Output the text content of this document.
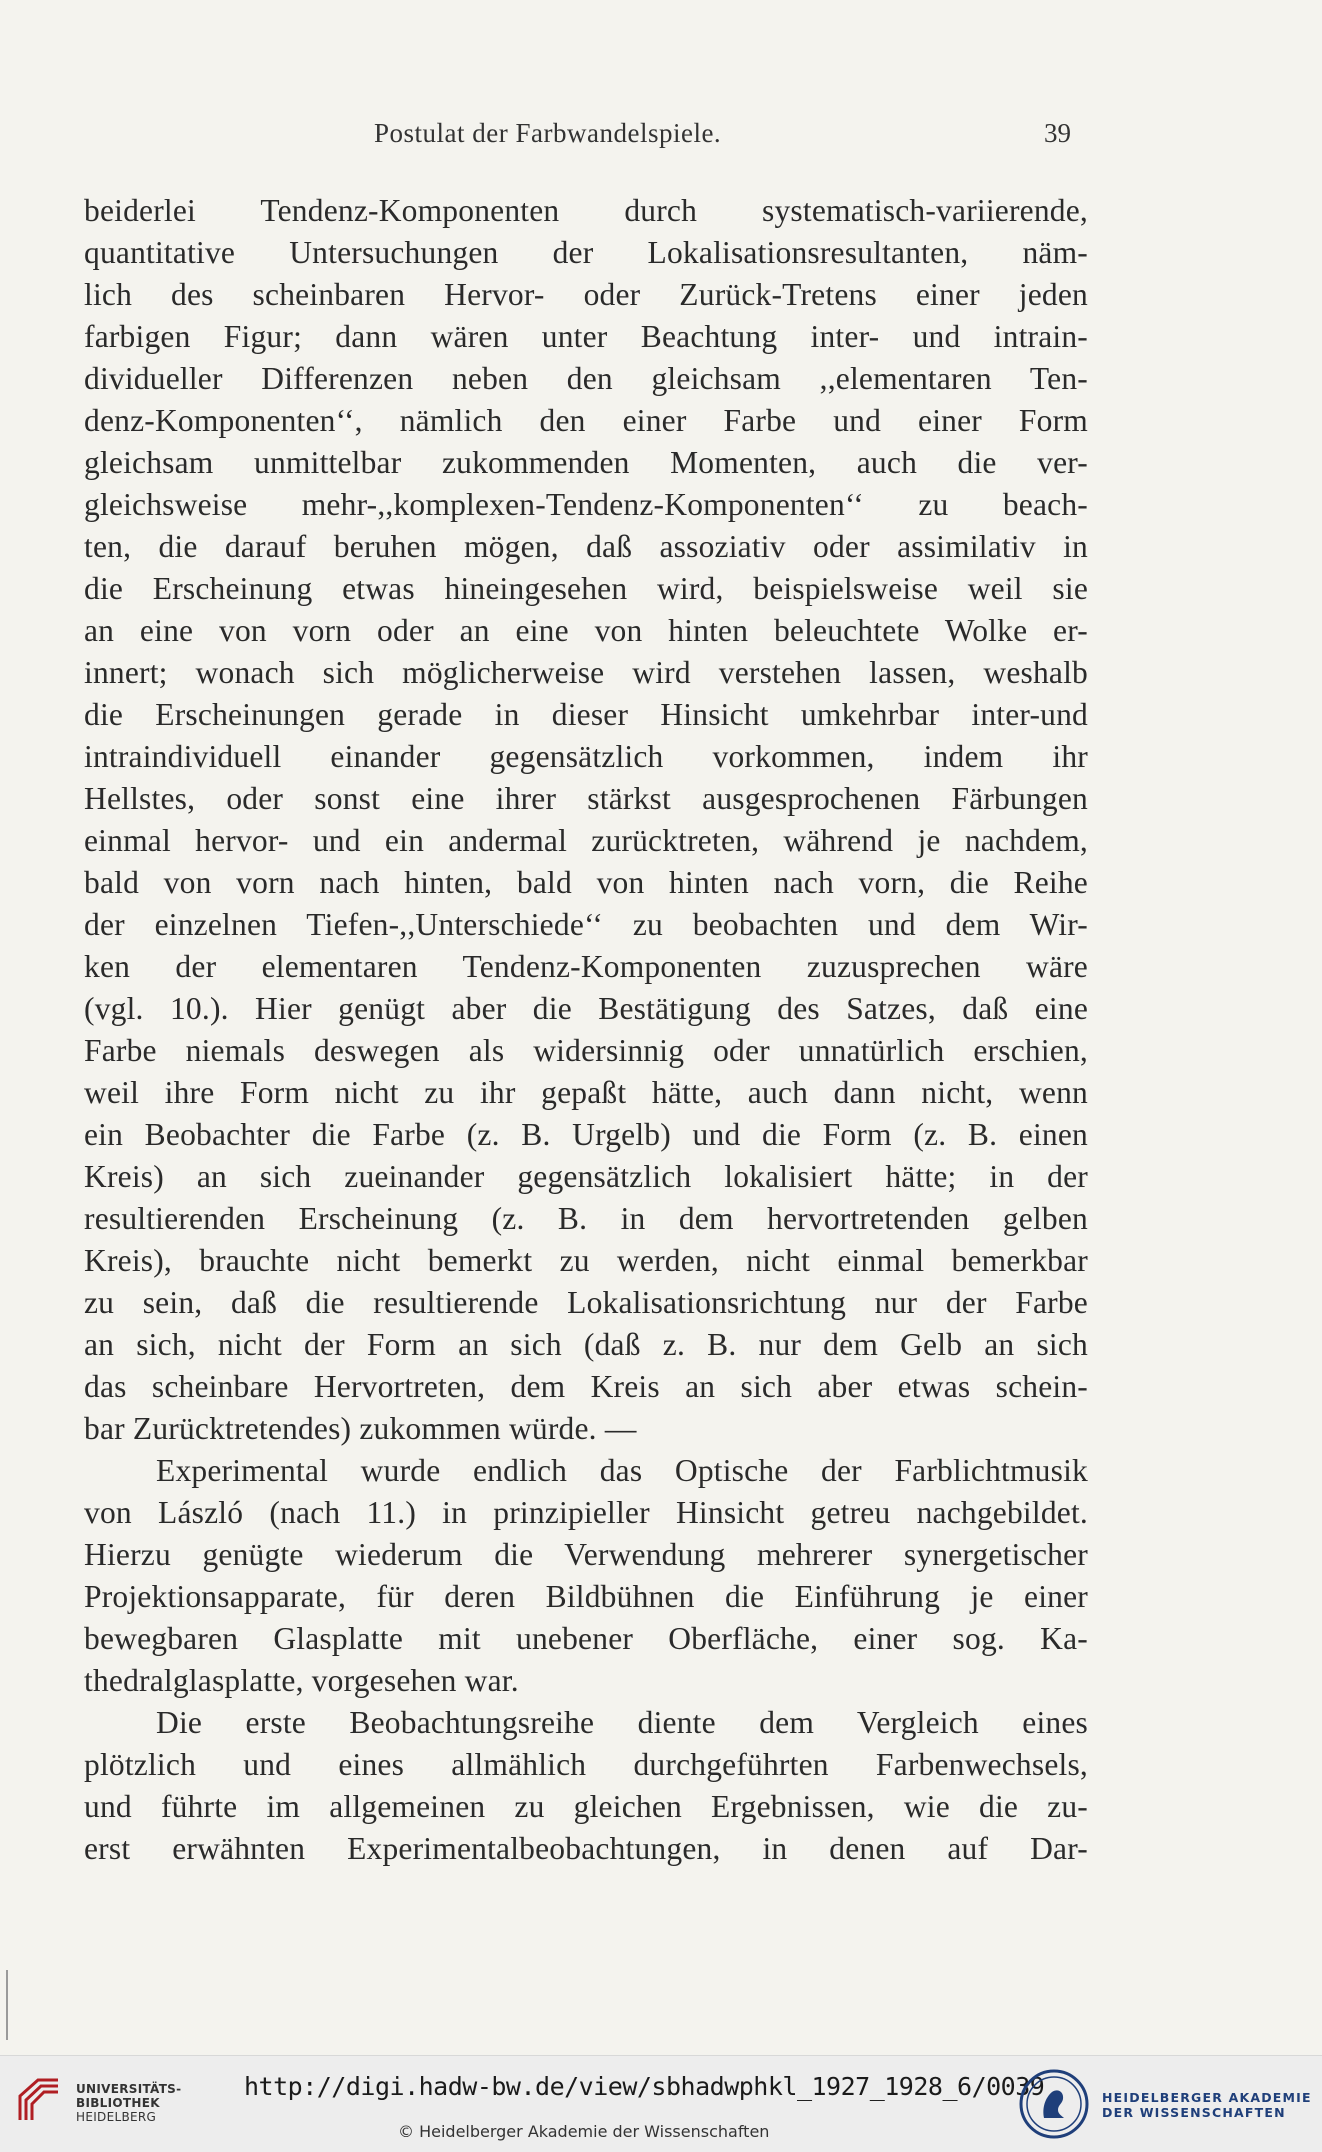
Postulat der Farbwandelspiele.	39
beiderlei Tendenz-Komponenten durch systematisch-variierende,
quantitative Untersuchungen der Lokalisationsresultanten, näm-
lich des scheinbaren Hervor- oder Zurück-Tretens einer jeden
farbigen Figur; dann wären unter Beachtung inter- und intrain-
dividueller Differenzen neben den gleichsam ,,elementaren Ten-
denz-Komponenten‘‘, nämlich den einer Farbe und einer Form
gleichsam unmittelbar zukommenden Momenten, auch die ver-
gleichsweise mehr-,,komplexen-Tendenz-Komponenten‘‘ zu beach-
ten, die darauf beruhen mögen, daß assoziativ oder assimilativ in
die Erscheinung etwas hineingesehen wird, beispielsweise weil sie
an eine von vorn oder an eine von hinten beleuchtete Wolke er-
innert; wonach sich möglicherweise wird verstehen lassen, weshalb
die Erscheinungen gerade in dieser Hinsicht umkehrbar inter-und
intraindividuell einander gegensätzlich vorkommen, indem ihr
Hellstes, oder sonst eine ihrer stärkst ausgesprochenen Färbungen
einmal hervor- und ein andermal zurücktreten, während je nachdem,
bald von vorn nach hinten, bald von hinten nach vorn, die Reihe
der einzelnen Tiefen-,,Unterschiede‘‘ zu beobachten und dem Wir-
ken der elementaren Tendenz-Komponenten zuzusprechen wäre
(vgl. 10.). Hier genügt aber die Bestätigung des Satzes, daß eine
Farbe niemals deswegen als widersinnig oder unnatürlich erschien,
weil ihre Form nicht zu ihr gepaßt hätte, auch dann nicht, wenn
ein Beobachter die Farbe (z. B. Urgelb) und die Form (z. B. einen
Kreis) an sich zueinander gegensätzlich lokalisiert hätte; in der
resultierenden Erscheinung (z. B. in dem hervortretenden gelben
Kreis), brauchte nicht bemerkt zu werden, nicht einmal bemerkbar
zu sein, daß die resultierende Lokalisationsrichtung nur der Farbe
an sich, nicht der Form an sich (daß z. B. nur dem Gelb an sich
das scheinbare Hervortreten, dem Kreis an sich aber etwas schein-
bar Zurücktretendes) zukommen würde. —
Experimental wurde endlich das Optische der Farblichtmusik
von László (nach 11.) in prinzipieller Hinsicht getreu nachgebildet.
Hierzu genügte wiederum die Verwendung mehrerer synergetischer
Projektionsapparate, für deren Bildbühnen die Einführung je einer
bewegbaren Glasplatte mit unebener Oberfläche, einer sog. Ka-
thedralglasplatte, vorgesehen war.
Die erste Beobachtungsreihe diente dem Vergleich eines
plötzlich und eines allmählich durchgeführten Farbenwechsels,
und führte im allgemeinen zu gleichen Ergebnissen, wie die zu-
erst erwähnten Experimentalbeobachtungen, in denen auf Dar-
UNIVERSITÄTS-
BIBLIOTHEK
HEIDELBERG
http://digi.hadw-bw.de/view/sbhadwphkl_1927_1928_6/0039
© Heidelberger Akademie der Wissenschaften
HEIDELBERGER AKADEMIE
DER WISSENSCHAFTEN
